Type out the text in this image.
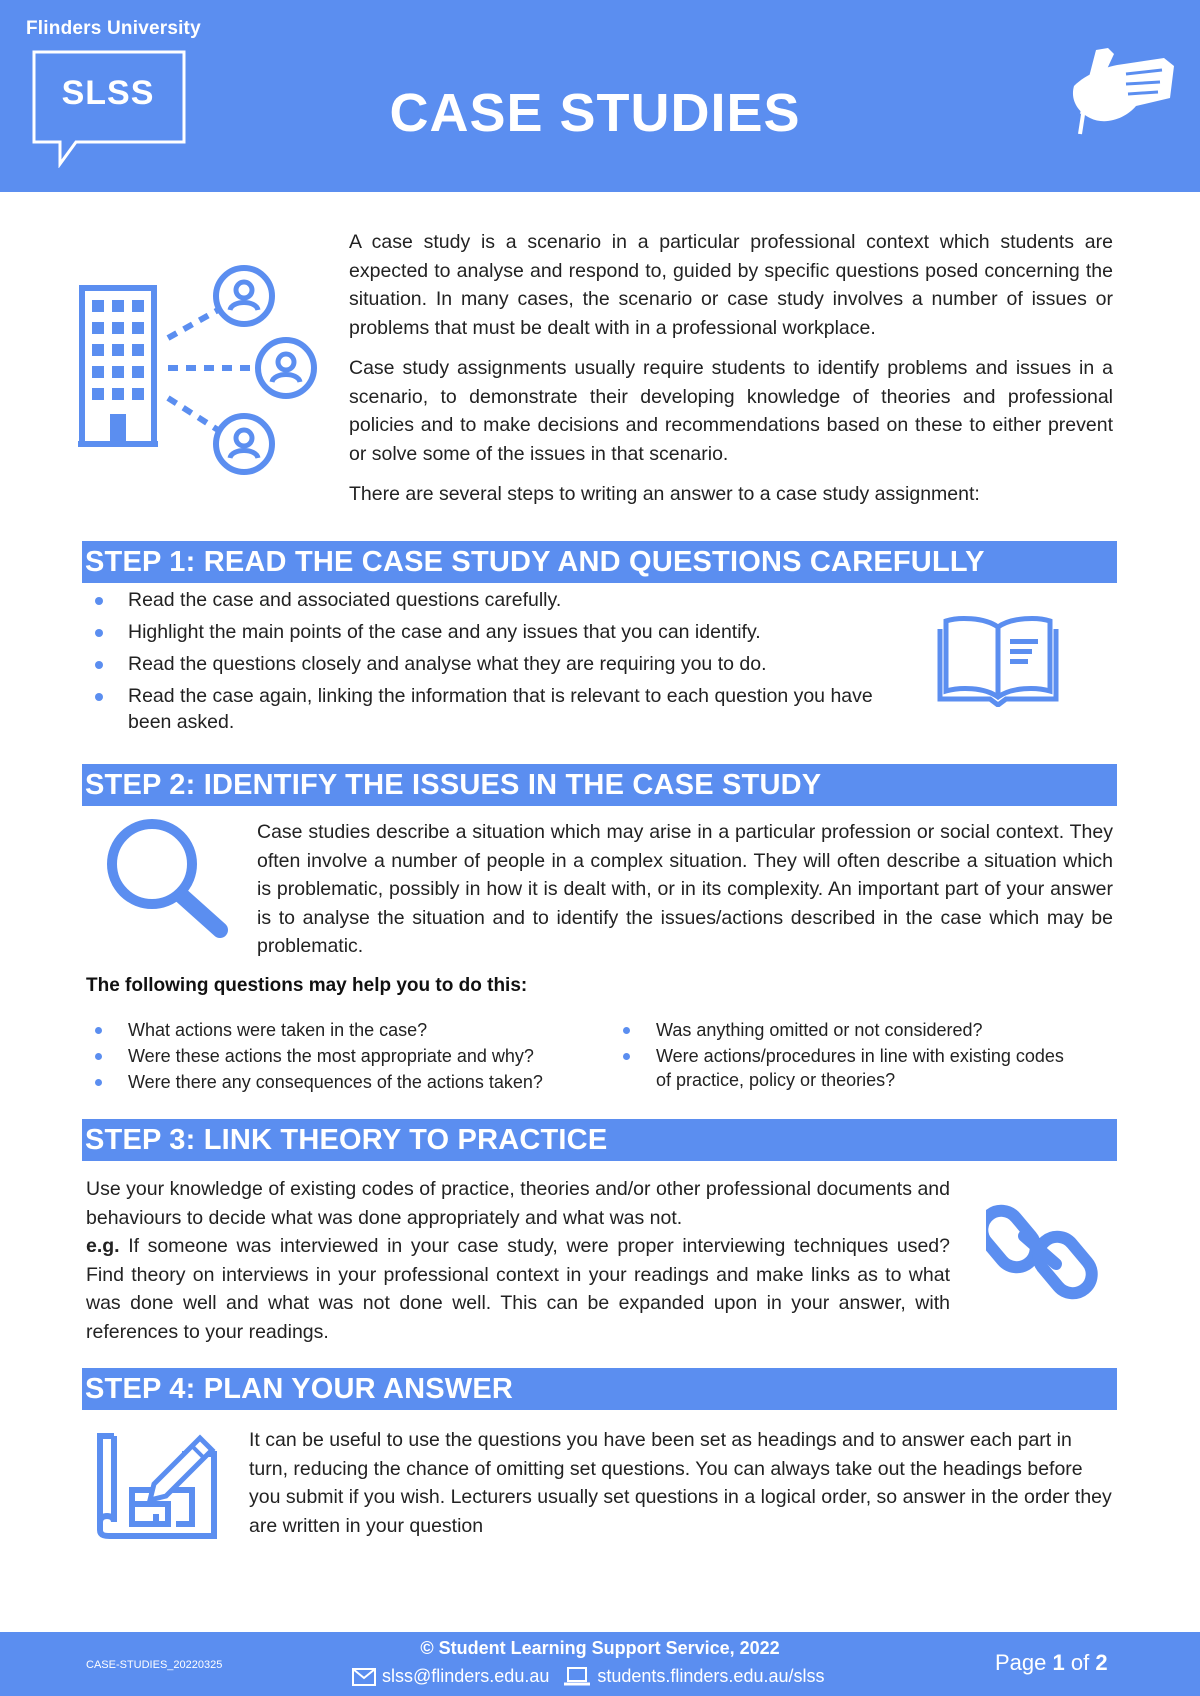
Flinders University
SLSS	CASE STUDIES

A case study is a scenario in a particular professional context which students are expected to analyse and respond to, guided by specific questions posed concerning the situation. In many cases, the scenario or case study involves a number of issues or problems that must be dealt with in a professional workplace.

Case study assignments usually require students to identify problems and issues in a scenario, to demonstrate their developing knowledge of theories and professional policies and to make decisions and recommendations based on these to either prevent or solve some of the issues in that scenario.

There are several steps to writing an answer to a case study assignment:

STEP 1: READ THE CASE STUDY AND QUESTIONS CAREFULLY
Read the case and associated questions carefully.
Highlight the main points of the case and any issues that you can identify.
Read the questions closely and analyse what they are requiring you to do.
Read the case again, linking the information that is relevant to each question you have been asked.
STEP 2: IDENTIFY THE ISSUES IN THE CASE STUDY
Case studies describe a situation which may arise in a particular profession or social context. They often involve a number of people in a complex situation. They will often describe a situation which is problematic, possibly in how it is dealt with, or in its complexity. An important part of your answer is to analyse the situation and to identify the issues/actions described in the case which may be problematic.
The following questions may help you to do this:
What actions were taken in the case?
Were these actions the most appropriate and why?
Were there any consequences of the actions taken?
Was anything omitted or not considered?
Were actions/procedures in line with existing codes of practice, policy or theories?
STEP 3: LINK THEORY TO PRACTICE
Use your knowledge of existing codes of practice, theories and/or other professional documents and behaviours to decide what was done appropriately and what was not.
e.g. If someone was interviewed in your case study, were proper interviewing techniques used? Find theory on interviews in your professional context in your readings and make links as to what was done well and what was not done well. This can be expanded upon in your answer, with references to your readings.
STEP 4: PLAN YOUR ANSWER
It can be useful to use the questions you have been set as headings and to answer each part in turn, reducing the chance of omitting set questions. You can always take out the headings before you submit if you wish. Lecturers usually set questions in a logical order, so answer in the order they are written in your question
CASE-STUDIES_20220325
© Student Learning Support Service, 2022
slss@flinders.edu.au	students.flinders.edu.au/slss
Page 1 of 2
